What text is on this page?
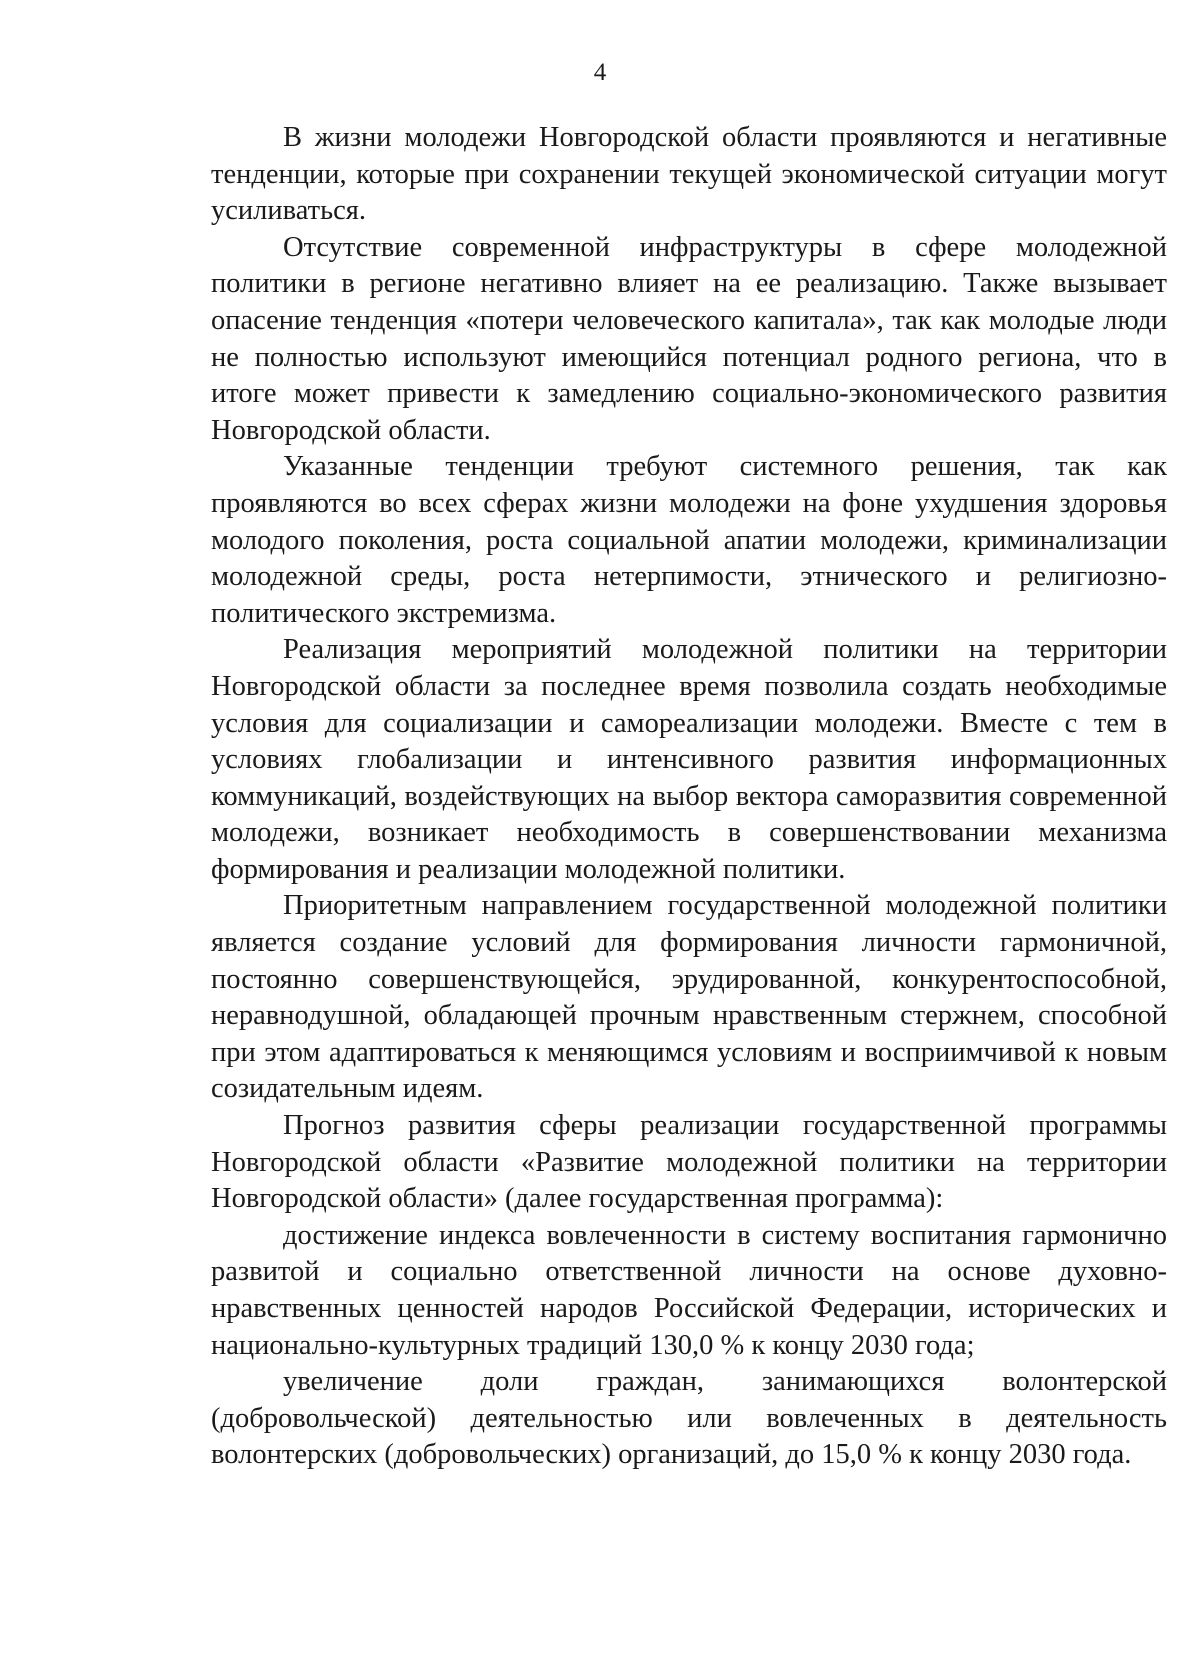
4

В жизни молодежи Новгородской области проявляются и негативные тенденции, которые при сохранении текущей экономической ситуации могут усиливаться.

Отсутствие современной инфраструктуры в сфере молодежной политики в регионе негативно влияет на ее реализацию. Также вызывает опасение тенденция «потери человеческого капитала», так как молодые люди не полностью используют имеющийся потенциал родного региона, что в итоге может привести к замедлению социально-экономического развития Новгородской области.

Указанные тенденции требуют системного решения, так как проявляются во всех сферах жизни молодежи на фоне ухудшения здоровья молодого поколения, роста социальной апатии молодежи, криминализации молодежной среды, роста нетерпимости, этнического и религиозно-политического экстремизма.

Реализация мероприятий молодежной политики на территории Новгородской области за последнее время позволила создать необходимые условия для социализации и самореализации молодежи. Вместе с тем в условиях глобализации и интенсивного развития информационных коммуникаций, воздействующих на выбор вектора саморазвития современной молодежи, возникает необходимость в совершенствовании механизма формирования и реализации молодежной политики.

Приоритетным направлением государственной молодежной политики является создание условий для формирования личности гармоничной, постоянно совершенствующейся, эрудированной, конкурентоспособной, неравнодушной, обладающей прочным нравственным стержнем, способной при этом адаптироваться к меняющимся условиям и восприимчивой к новым созидательным идеям.

Прогноз развития сферы реализации государственной программы Новгородской области «Развитие молодежной политики на территории Новгородской области» (далее государственная программа):

достижение индекса вовлеченности в систему воспитания гармонично развитой и социально ответственной личности на основе духовно-нравственных ценностей народов Российской Федерации, исторических и национально-культурных традиций 130,0 % к концу 2030 года;

увеличение доли граждан, занимающихся волонтерской (добровольческой) деятельностью или вовлеченных в деятельность волонтерских (добровольческих) организаций, до 15,0 % к концу 2030 года.
